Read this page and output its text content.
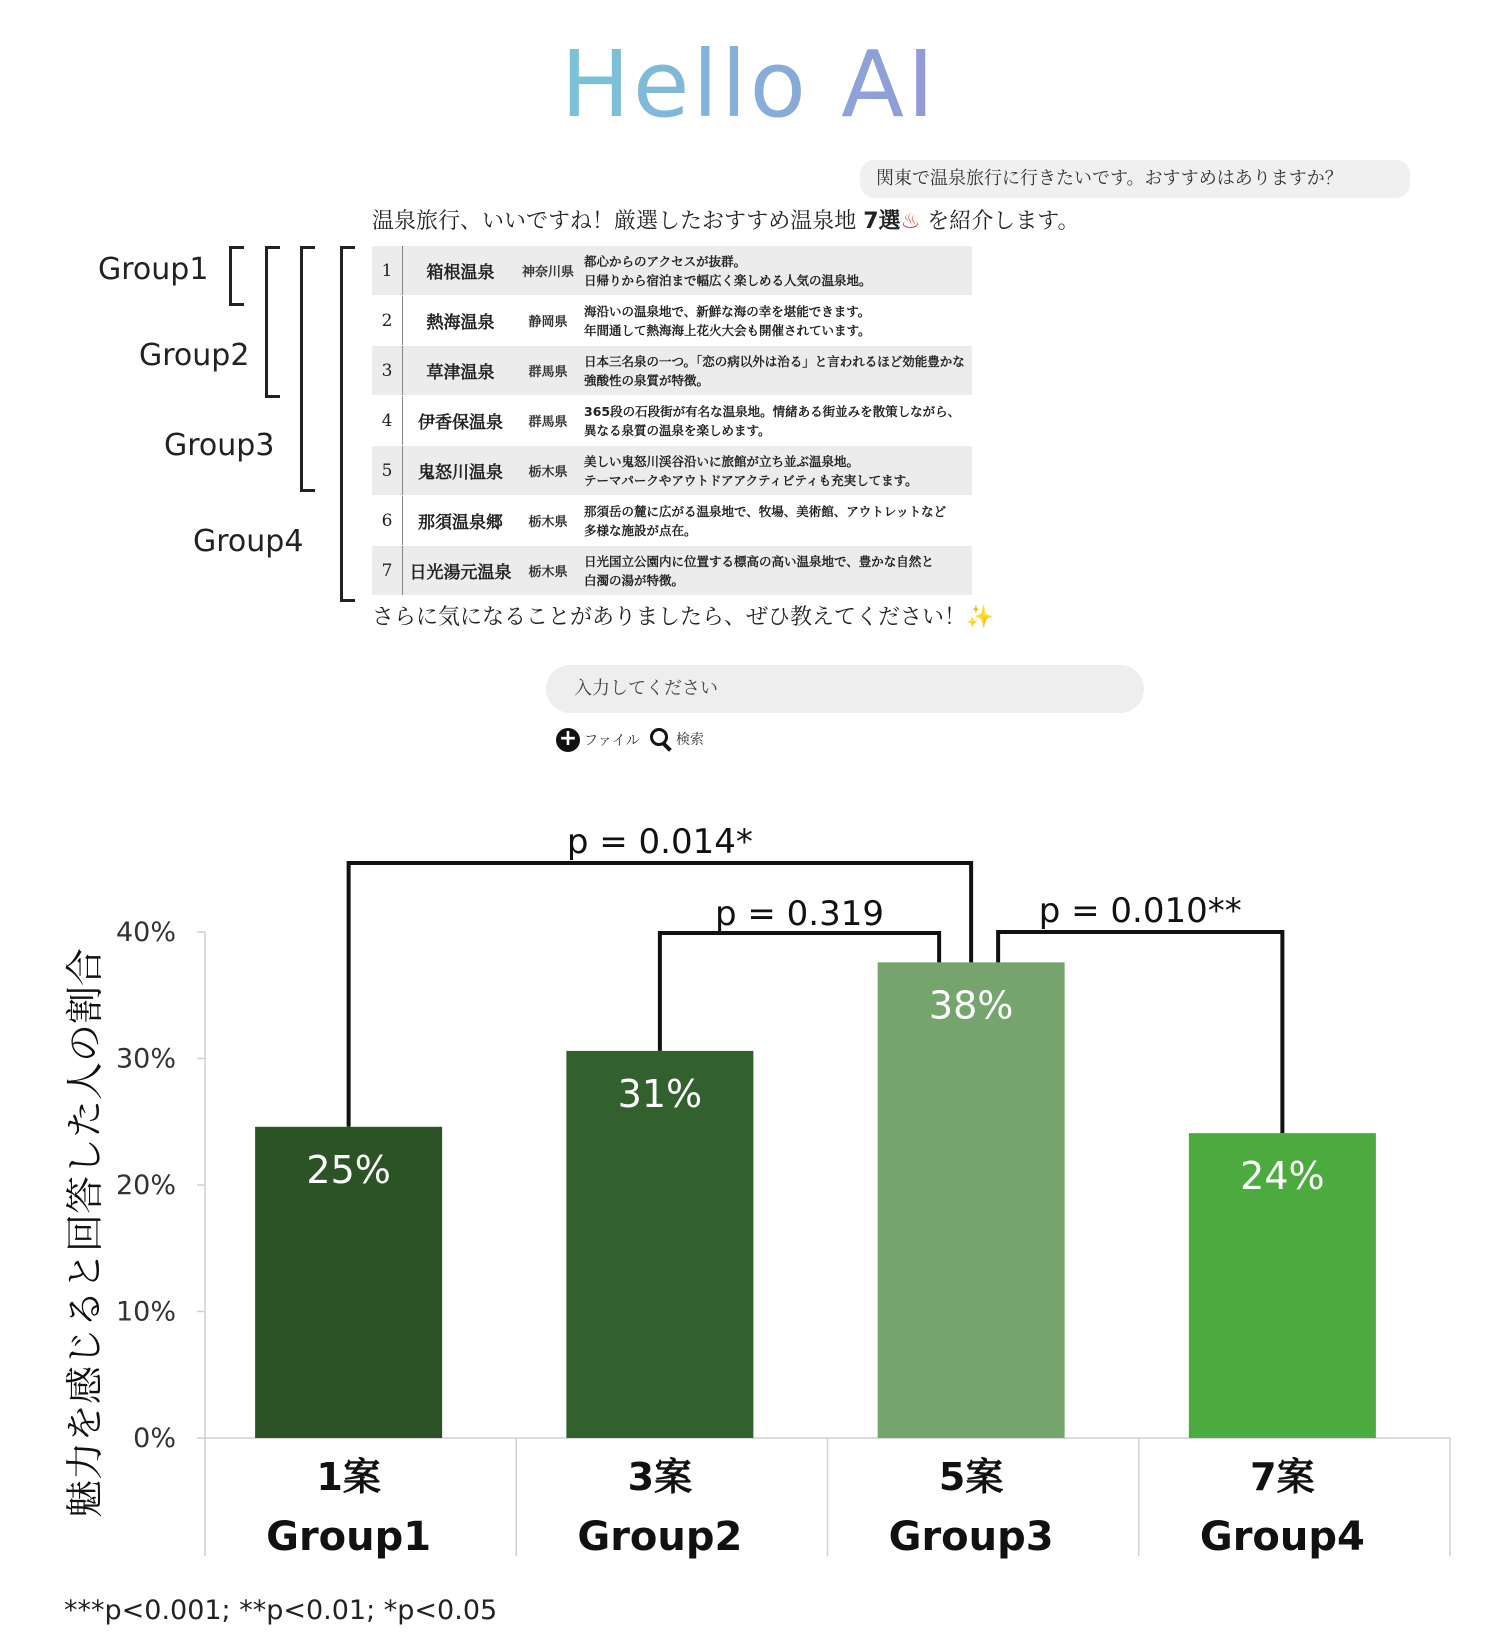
Hello AI
関東で温泉旅行に行きたいです。おすすめはありますか？
温泉旅行、いいですね！厳選したおすすめ温泉地 7選♨ を紹介します。
1	箱根温泉	神奈川県
都心からのアクセスが抜群。
日帰りから宿泊まで幅広く楽しめる人気の温泉地。
2	熱海温泉	静岡県
海沿いの温泉地で、新鮮な海の幸を堪能できます。
年間通して熱海海上花火大会も開催されています。
3	草津温泉	群馬県
日本三名泉の一つ。「恋の病以外は治る」と言われるほど効能豊かな
強酸性の泉質が特徴。
4	伊香保温泉	群馬県
365段の石段街が有名な温泉地。情緒ある街並みを散策しながら、
異なる泉質の温泉を楽しめます。
5	鬼怒川温泉	栃木県
美しい鬼怒川渓谷沿いに旅館が立ち並ぶ温泉地。
テーマパークやアウトドアアクティビティも充実してます。
6	那須温泉郷	栃木県
那須岳の麓に広がる温泉地で、牧場、美術館、アウトレットなど
多様な施設が点在。
7	日光湯元温泉	栃木県
日光国立公園内に位置する標高の高い温泉地で、豊かな自然と
白濁の湯が特徴。
Group1
Group2
Group3
Group4
さらに気になることがありましたら、ぜひ教えてください！✨
入力してください
+ ファイル	検索
0%
10%
20%
30%
40%
25%
1案
Group1
31%
3案
Group2
38%
5案
Group3
24%
7案
Group4
魅力を感じると回答した人の割合
p = 0.014*
p = 0.319	p = 0.010**
***p<0.001; **p<0.01; *p<0.05
